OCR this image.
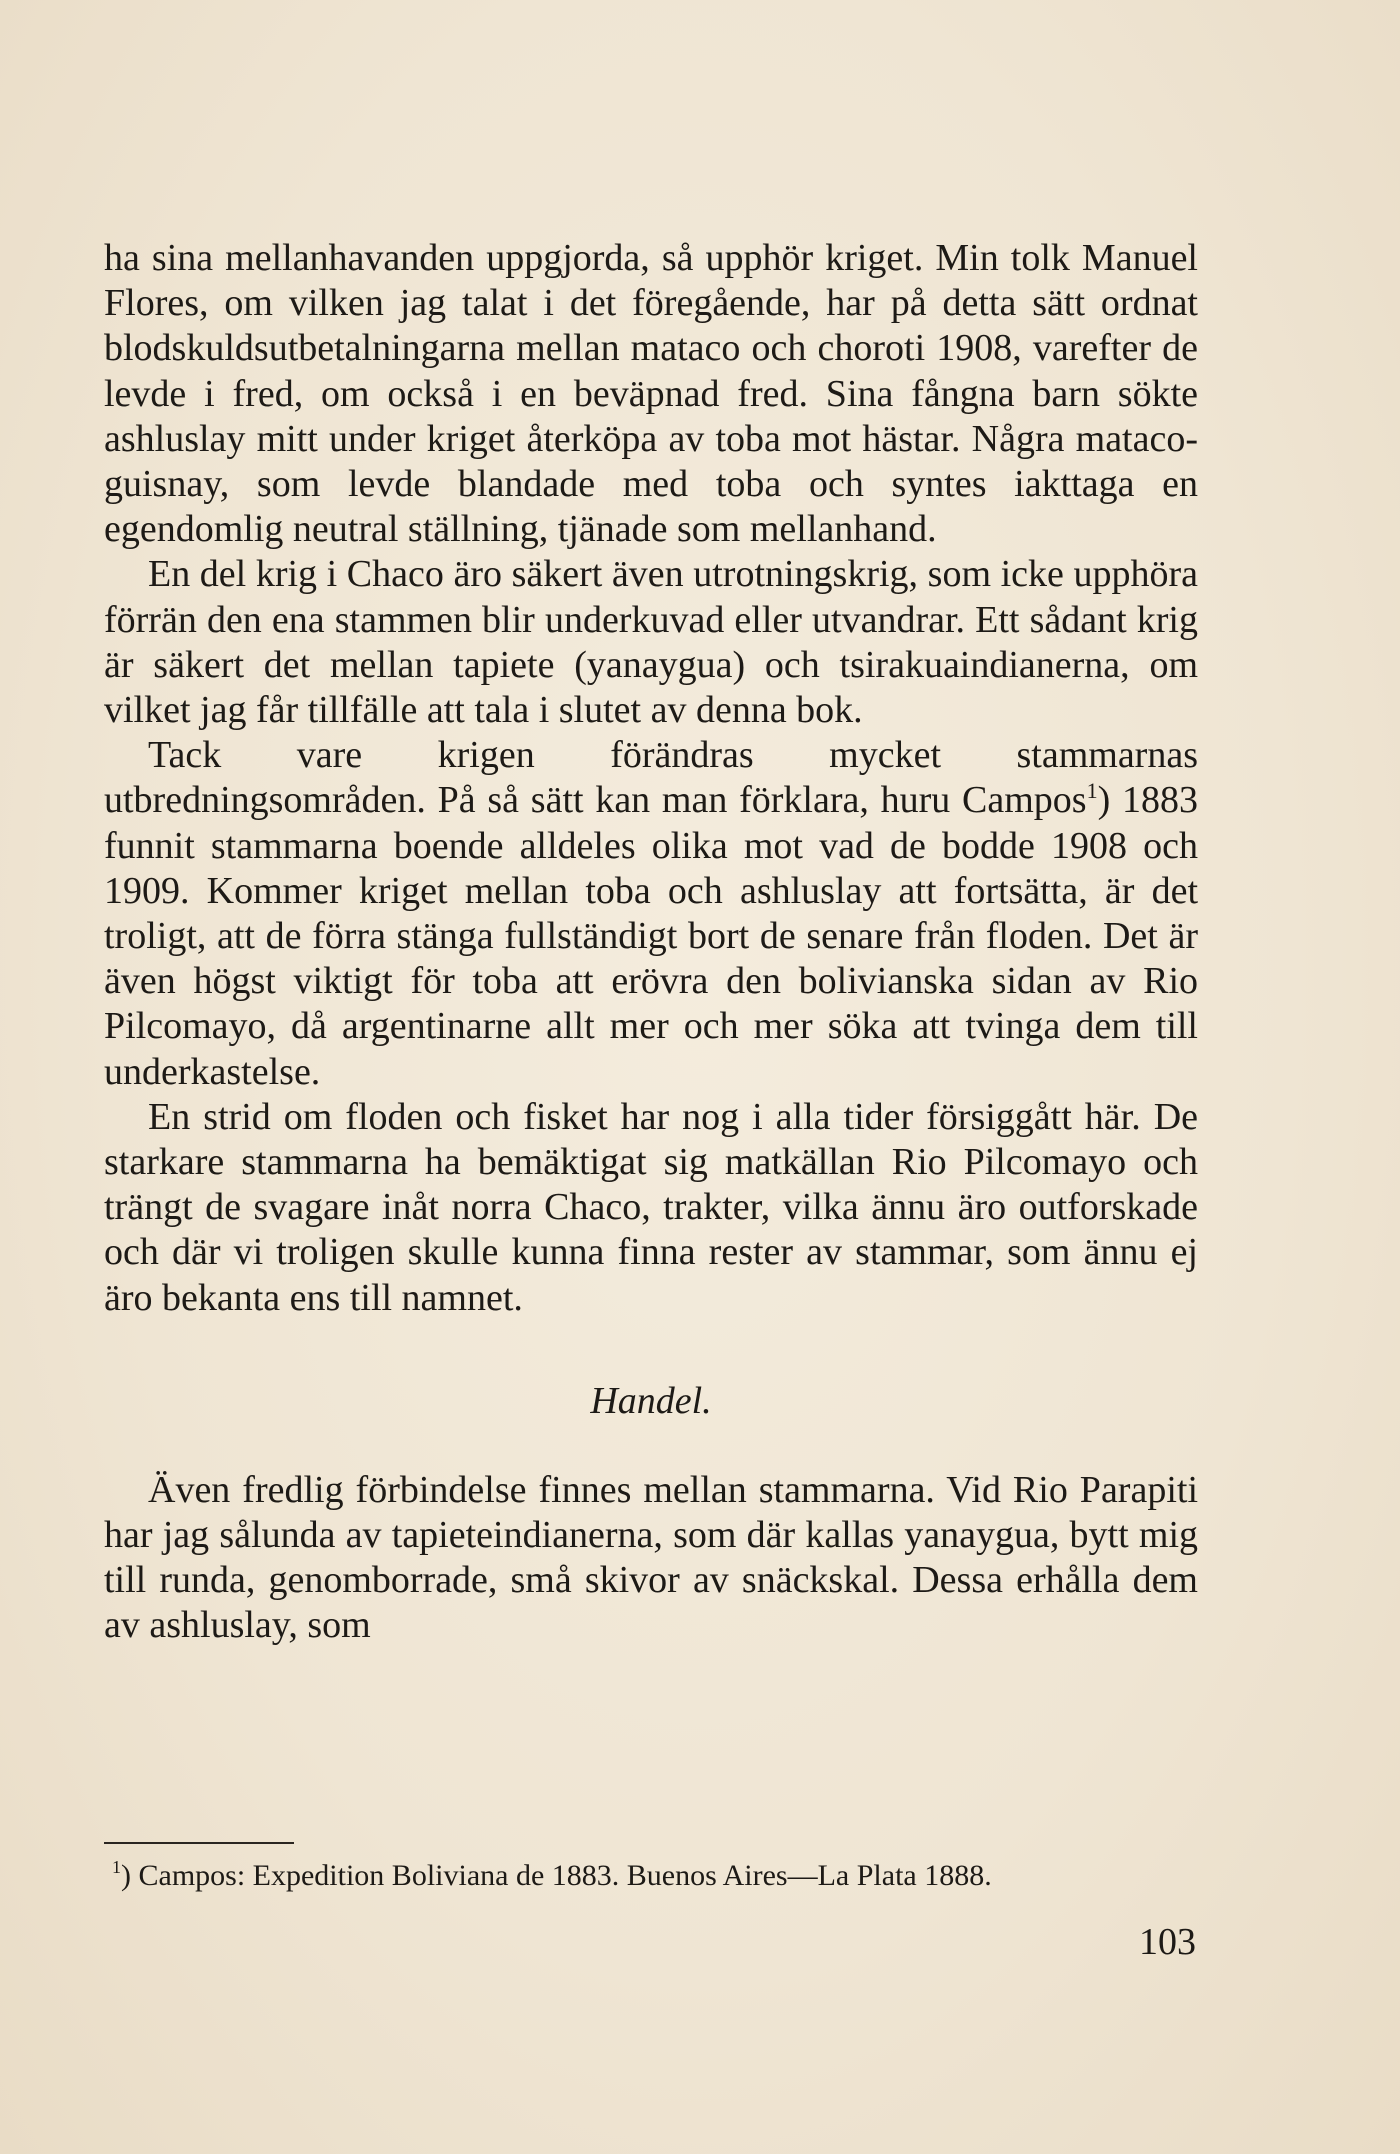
ha sina mellanhavanden uppgjorda, så upphör kriget. Min tolk Manuel Flores, om vilken jag talat i det föregående, har på detta sätt ordnat blodskuldsutbetalningarna mellan mataco och choroti 1908, varefter de levde i fred, om också i en beväpnad fred. Sina fångna barn sökte ashluslay mitt under kriget återköpa av toba mot hästar. Några mataco-guisnay, som levde blandade med toba och syntes iakttaga en egendomlig neutral ställning, tjänade som mellanhand.

En del krig i Chaco äro säkert även utrotningskrig, som icke upphöra förrän den ena stammen blir underkuvad eller utvandrar. Ett sådant krig är säkert det mellan tapiete (yanaygua) och tsirakuaindianerna, om vilket jag får tillfälle att tala i slutet av denna bok.

Tack vare krigen förändras mycket stammarnas utbredningsområden. På så sätt kan man förklara, huru Campos$^1$) 1883 funnit stammarna boende alldeles olika mot vad de bodde 1908 och 1909. Kommer kriget mellan toba och ashluslay att fortsätta, är det troligt, att de förra stänga fullständigt bort de senare från floden. Det är även högst viktigt för toba att erövra den bolivianska sidan av Rio Pilcomayo, då argentinarne allt mer och mer söka att tvinga dem till underkastelse.

En strid om floden och fisket har nog i alla tider försiggått här. De starkare stammarna ha bemäktigat sig matkällan Rio Pilcomayo och trängt de svagare inåt norra Chaco, trakter, vilka ännu äro outforskade och där vi troligen skulle kunna finna rester av stammar, som ännu ej äro bekanta ens till namnet.

Handel.

Även fredlig förbindelse finnes mellan stammarna. Vid Rio Parapiti har jag sålunda av tapieteindianerna, som där kallas yanaygua, bytt mig till runda, genomborrade, små skivor av snäckskal. Dessa erhålla dem av ashluslay, som

$^1$) Campos: Expedition Boliviana de 1883. Buenos Aires—La Plata 1888.
103
